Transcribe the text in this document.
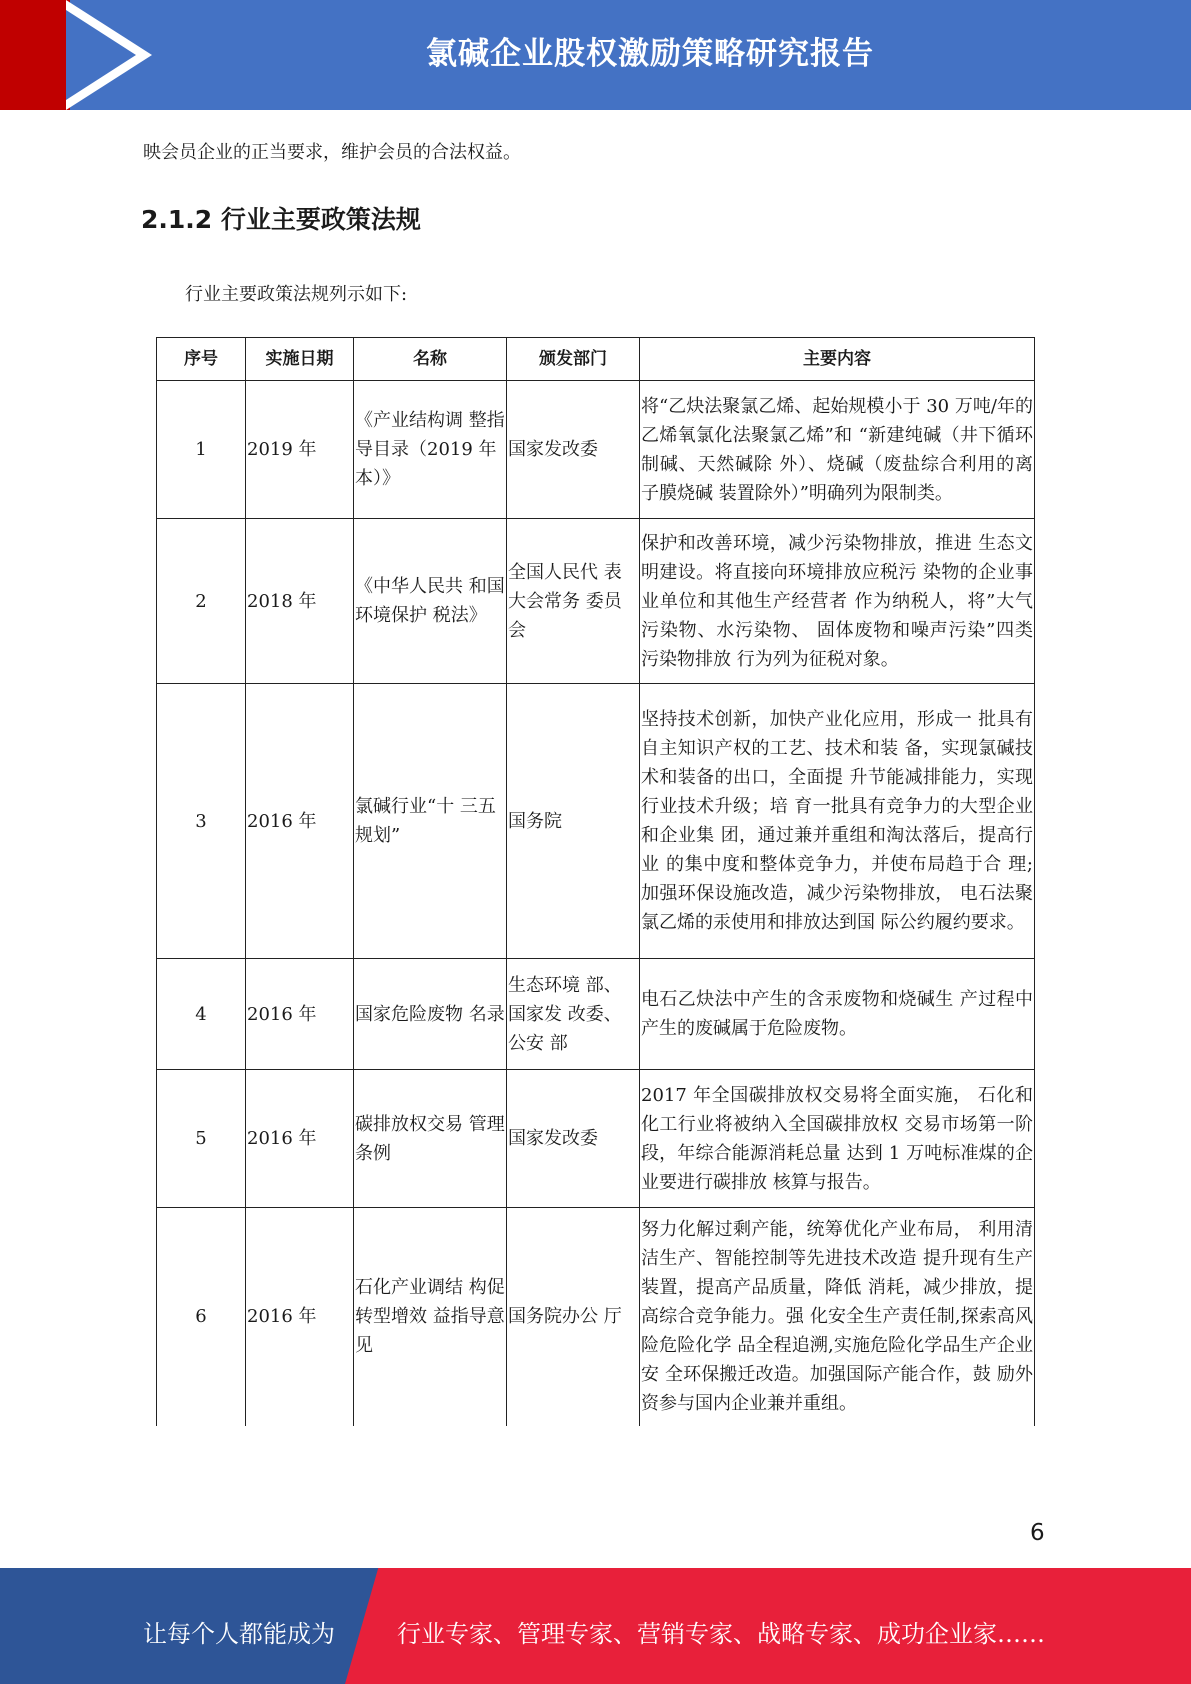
氯碱企业股权激励策略研究报告
映会员企业的正当要求，维护会员的合法权益。
2.1.2 行业主要政策法规
行业主要政策法规列示如下:
序号	实施日期	名称	颁发部门	主要内容
1	2019 年	《产业结构调 整指导目录（2019 年本）》	国家发改委	将“乙炔法聚氯乙烯、起始规模小于 30 万吨/年的乙烯氧氯化法聚氯乙烯”和 “新建纯碱（井下循环制碱、天然碱除 外）、烧碱（废盐综合利用的离子膜烧碱 装置除外）”明确列为限制类。
2	2018 年	《中华人民共 和国环境保护 税法》	全国人民代 表大会常务 委员会	保护和改善环境，减少污染物排放，推进 生态文明建设。将直接向环境排放应税污 染物的企业事业单位和其他生产经营者 作为纳税人，将”大气污染物、水污染物、 固体废物和噪声污染”四类污染物排放 行为列为征税对象。
3	2016 年	氯碱行业“十 三五规划”	国务院	坚持技术创新，加快产业化应用，形成一 批具有自主知识产权的工艺、技术和装 备，实现氯碱技术和装备的出口，全面提 升节能减排能力，实现行业技术升级；培 育一批具有竞争力的大型企业和企业集 团，通过兼并重组和淘汰落后，提高行业 的集中度和整体竞争力，并使布局趋于合 理;加强环保设施改造，减少污染物排放， 电石法聚氯乙烯的汞使用和排放达到国 际公约履约要求。
4	2016 年	国家危险废物 名录	生态环境 部、国家发 改委、公安 部	电石乙炔法中产生的含汞废物和烧碱生 产过程中产生的废碱属于危险废物。
5	2016 年	碳排放权交易 管理条例	国家发改委	2017 年全国碳排放权交易将全面实施， 石化和化工行业将被纳入全国碳排放权 交易市场第一阶段，年综合能源消耗总量 达到 1 万吨标准煤的企业要进行碳排放 核算与报告。
6	2016 年	石化产业调结 构促转型增效 益指导意见	国务院办公 厅	努力化解过剩产能，统筹优化产业布局， 利用清洁生产、智能控制等先进技术改造 提升现有生产装置，提高产品质量，降低 消耗，减少排放，提高综合竞争能力。强 化安全生产责任制,探索高风险危险化学 品全程追溯,实施危险化学品生产企业安 全环保搬迁改造。加强国际产能合作，鼓 励外资参与国内企业兼并重组。
6
让每个人都能成为	行业专家、管理专家、营销专家、战略专家、成功企业家……
